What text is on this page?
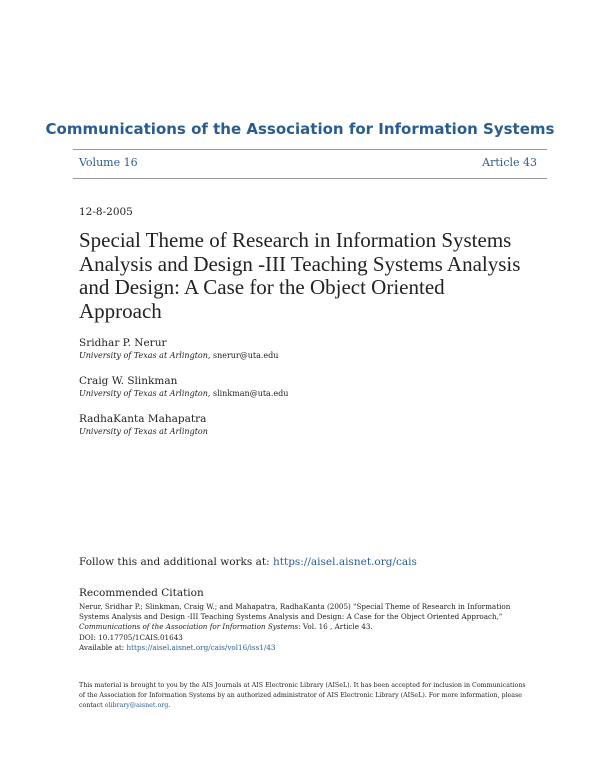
Communications of the Association for Information Systems
Volume 16	Article 43
12-8-2005
Special Theme of Research in Information Systems Analysis and Design -III Teaching Systems Analysis and Design: A Case for the Object Oriented Approach
Sridhar P. Nerur
University of Texas at Arlington, snerur@uta.edu
Craig W. Slinkman
University of Texas at Arlington, slinkman@uta.edu
RadhaKanta Mahapatra
University of Texas at Arlington
Follow this and additional works at: https://aisel.aisnet.org/cais
Recommended Citation
Nerur, Sridhar P.; Slinkman, Craig W.; and Mahapatra, RadhaKanta (2005) "Special Theme of Research in Information Systems Analysis and Design -III Teaching Systems Analysis and Design: A Case for the Object Oriented Approach," Communications of the Association for Information Systems: Vol. 16 , Article 43.
DOI: 10.17705/1CAIS.01643
Available at: https://aisel.aisnet.org/cais/vol16/iss1/43
This material is brought to you by the AIS Journals at AIS Electronic Library (AISeL). It has been accepted for inclusion in Communications of the Association for Information Systems by an authorized administrator of AIS Electronic Library (AISeL). For more information, please contact elibrary@aisnet.org.
